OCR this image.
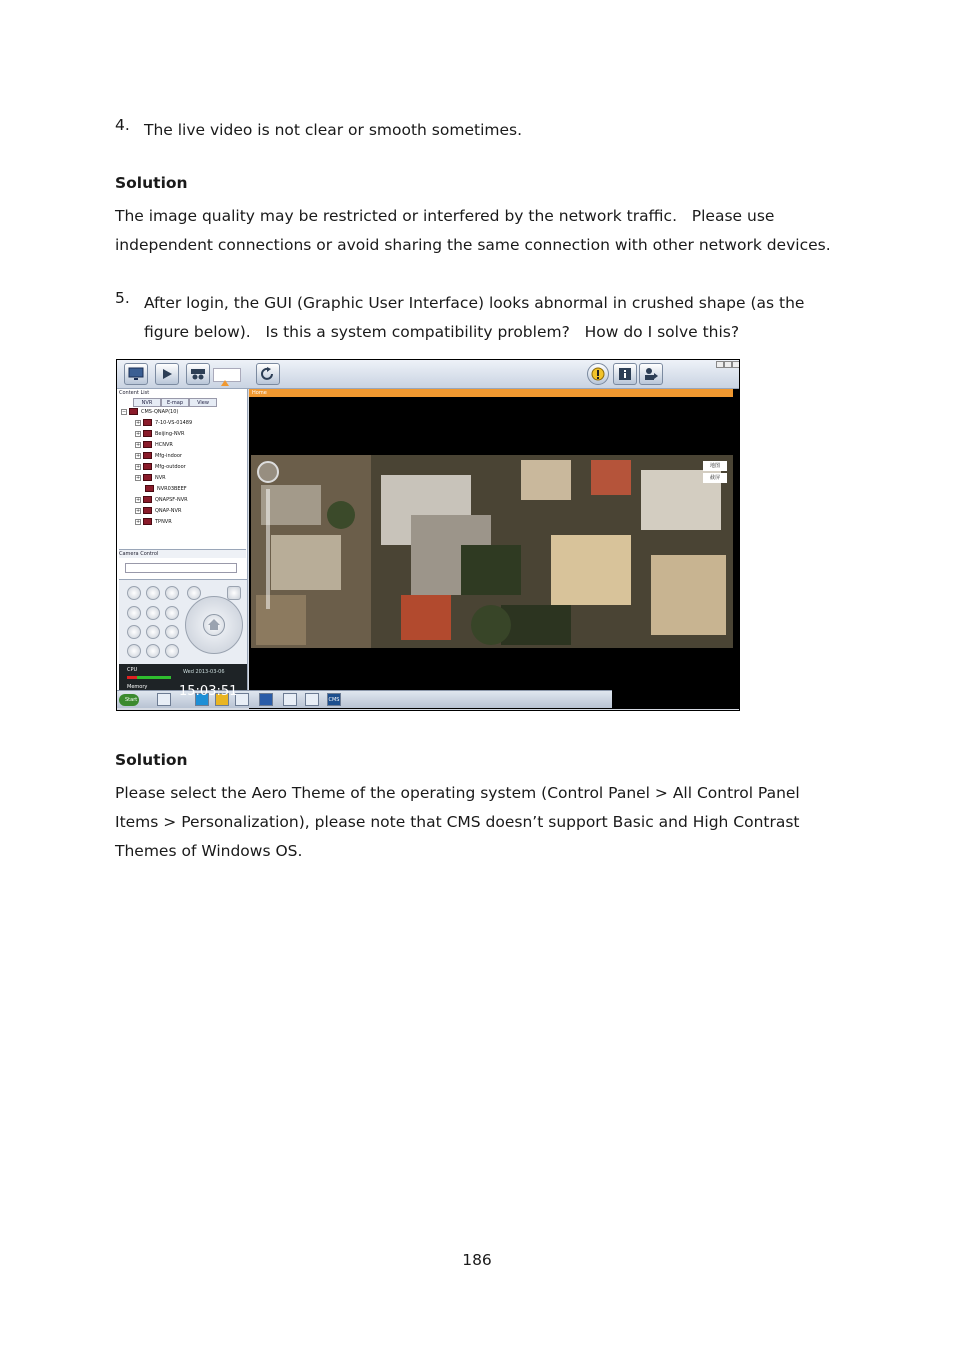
4. The live video is not clear or smooth sometimes.

Solution

The image quality may be restricted or interfered by the network traffic.   Please use independent connections or avoid sharing the same connection with other network devices.

5. After login, the GUI (Graphic User Interface) looks abnormal in crushed shape (as the figure below).   Is this a system compatibility problem?   How do I solve this?

Content List
NVR	E-map	View
−	CMS-QNAP(10)
+	7-10-VS-01489
+	Beijing-NVR
+	HCNVR
+	Mfg-indoor
+	Mfg-outdoor
+	NVR
NVR03BEEF
+	QNAPSF-NVR
+	QNAP-NVR
+	TPNVR
Camera Control
CPU
Memory
Wed 2013-03-06
Home
地图
截屏
Start	CMS
15:03:51
Solution

Please select the Aero Theme of the operating system (Control Panel > All Control Panel Items > Personalization), please note that CMS doesn’t support Basic and High Contrast Themes of Windows OS.

186
